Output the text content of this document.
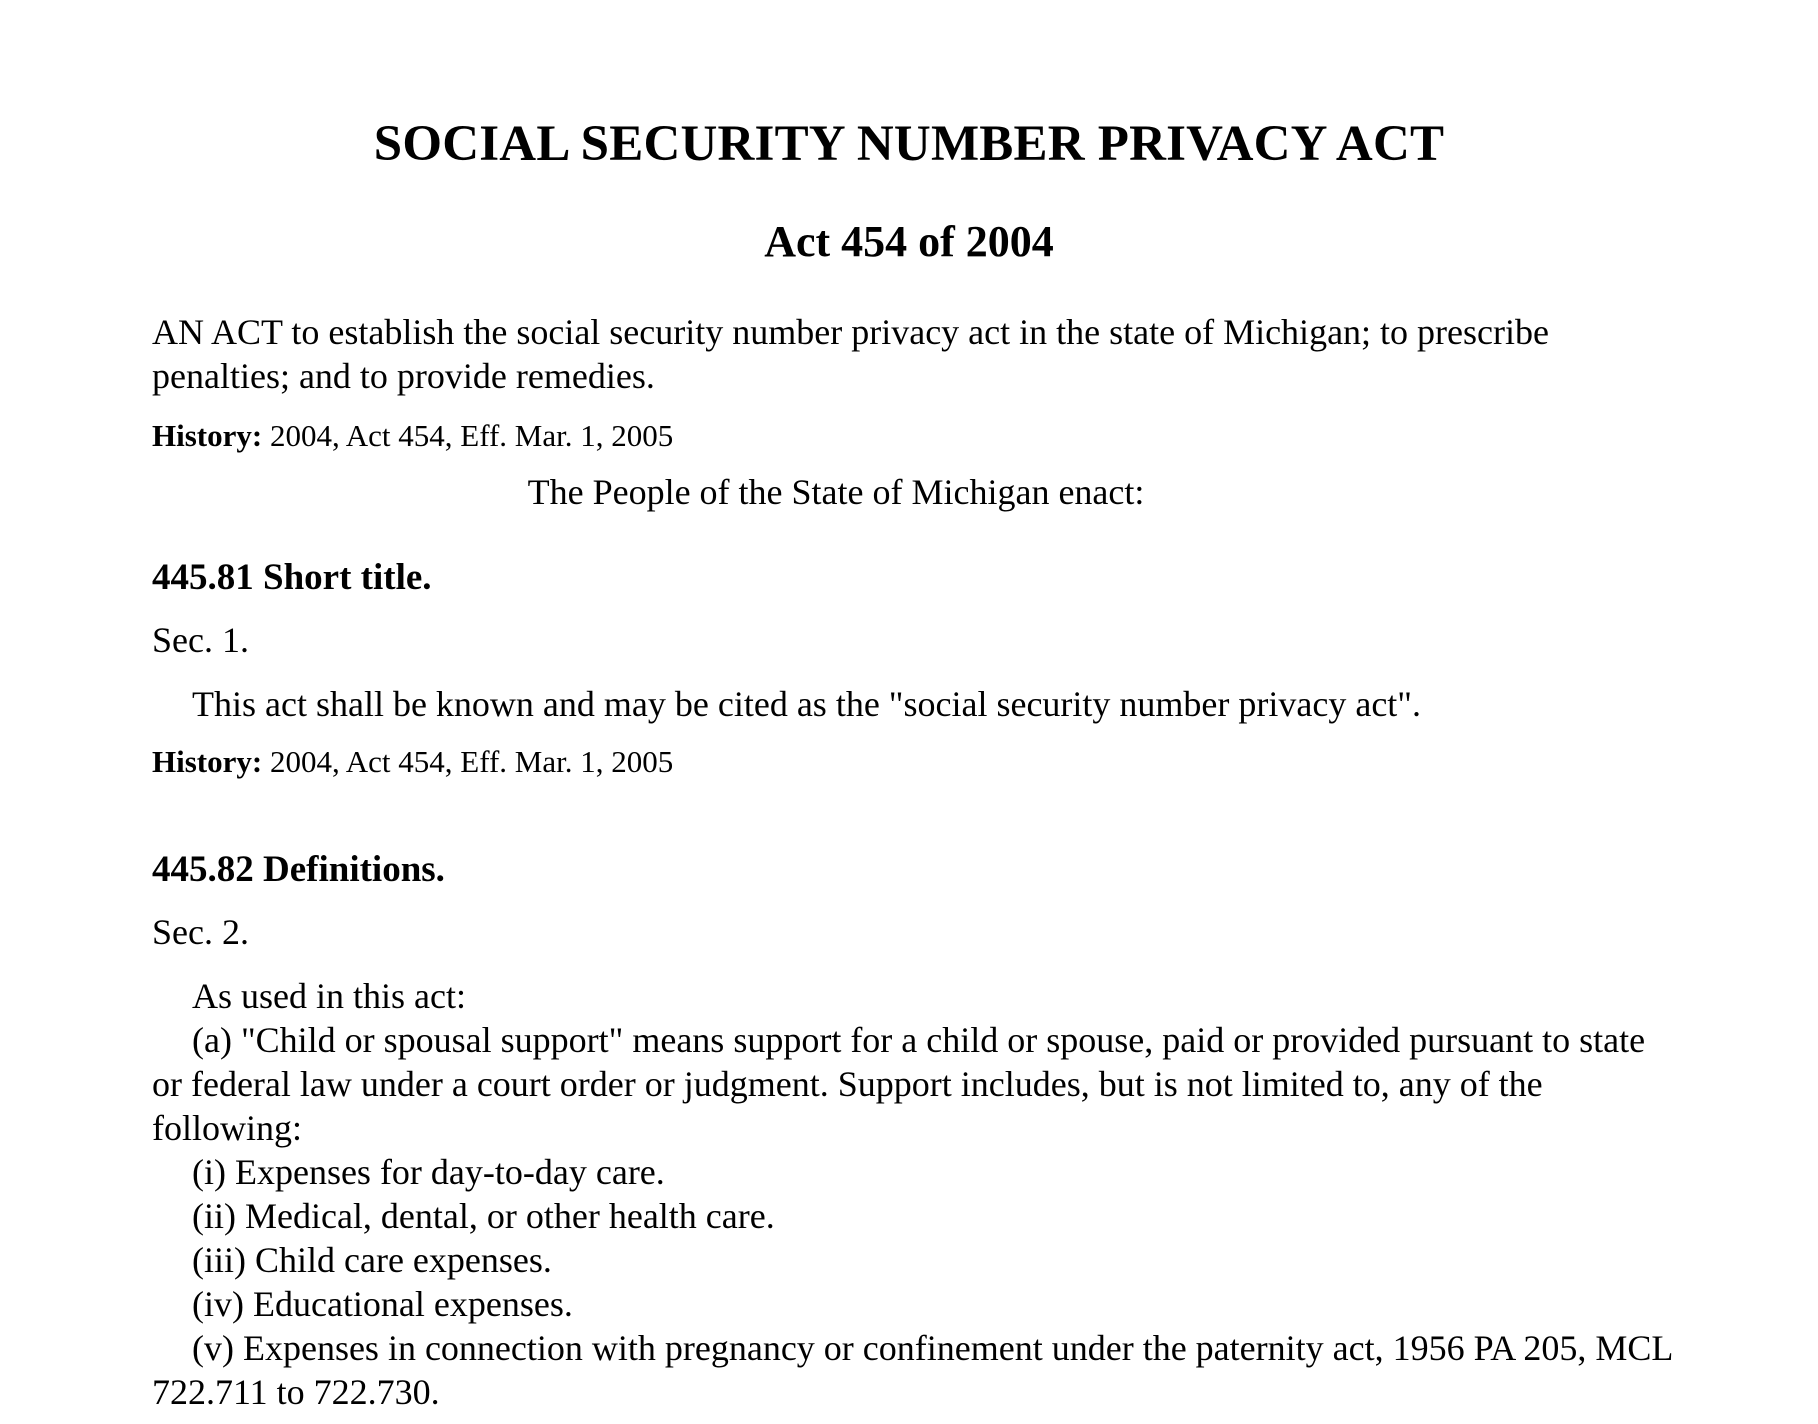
SOCIAL SECURITY NUMBER PRIVACY ACT
Act 454 of 2004

AN ACT to establish the social security number privacy act in the state of Michigan; to prescribe penalties; and to provide remedies.

History: 2004, Act 454, Eff. Mar. 1, 2005

The People of the State of Michigan enact:

445.81 Short title.

Sec. 1.

This act shall be known and may be cited as the "social security number privacy act".

History: 2004, Act 454, Eff. Mar. 1, 2005

445.82 Definitions.

Sec. 2.

As used in this act:

(a) "Child or spousal support" means support for a child or spouse, paid or provided pursuant to state or federal law under a court order or judgment. Support includes, but is not limited to, any of the following:

(i) Expenses for day-to-day care.

(ii) Medical, dental, or other health care.

(iii) Child care expenses.

(iv) Educational expenses.

(v) Expenses in connection with pregnancy or confinement under the paternity act, 1956 PA 205, MCL 722.711 to 722.730.
